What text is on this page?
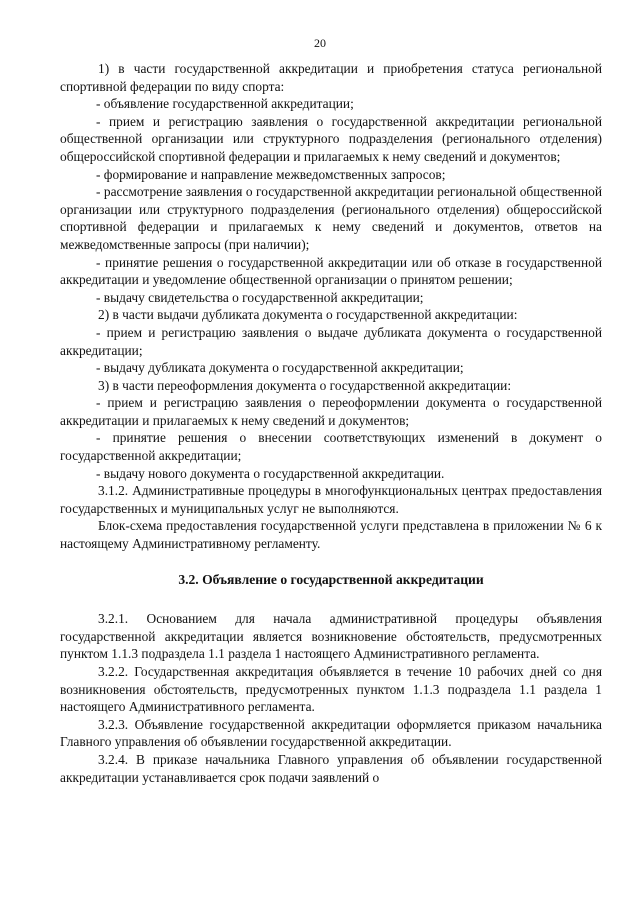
20

1) в части государственной аккредитации и приобретения статуса региональной спортивной федерации по виду спорта:

- объявление государственной аккредитации;

- прием и регистрацию заявления о государственной аккредитации региональной общественной организации или структурного подразделения (регионального отделения) общероссийской спортивной федерации и прилагаемых к нему сведений и документов;

- формирование и направление межведомственных запросов;

- рассмотрение заявления о государственной аккредитации региональной общественной организации или структурного подразделения (регионального отделения) общероссийской спортивной федерации и прилагаемых к нему сведений и документов, ответов на межведомственные запросы (при наличии);

- принятие решения о государственной аккредитации или об отказе в государственной аккредитации и уведомление общественной организации о принятом решении;

- выдачу свидетельства о государственной аккредитации;

2) в части выдачи дубликата документа о государственной аккредитации:

- прием и регистрацию заявления о выдаче дубликата документа о государственной аккредитации;

- выдачу дубликата документа о государственной аккредитации;

3) в части переоформления документа о государственной аккредитации:

- прием и регистрацию заявления о переоформлении документа о государственной аккредитации и прилагаемых к нему сведений и документов;

- принятие решения о внесении соответствующих изменений в документ о государственной аккредитации;

- выдачу нового документа о государственной аккредитации.

3.1.2. Административные процедуры в многофункциональных центрах предоставления государственных и муниципальных услуг не выполняются.

Блок-схема предоставления государственной услуги представлена в приложении № 6 к настоящему Административному регламенту.

3.2. Объявление о государственной аккредитации

3.2.1. Основанием для начала административной процедуры объявления государственной аккредитации является возникновение обстоятельств, предусмотренных пунктом 1.1.3 подраздела 1.1 раздела 1 настоящего Административного регламента.

3.2.2. Государственная аккредитация объявляется в течение 10 рабочих дней со дня возникновения обстоятельств, предусмотренных пунктом 1.1.3 подраздела 1.1 раздела 1 настоящего Административного регламента.

3.2.3. Объявление государственной аккредитации оформляется приказом начальника Главного управления об объявлении государственной аккредитации.

3.2.4. В приказе начальника Главного управления об объявлении государственной аккредитации устанавливается срок подачи заявлений о
